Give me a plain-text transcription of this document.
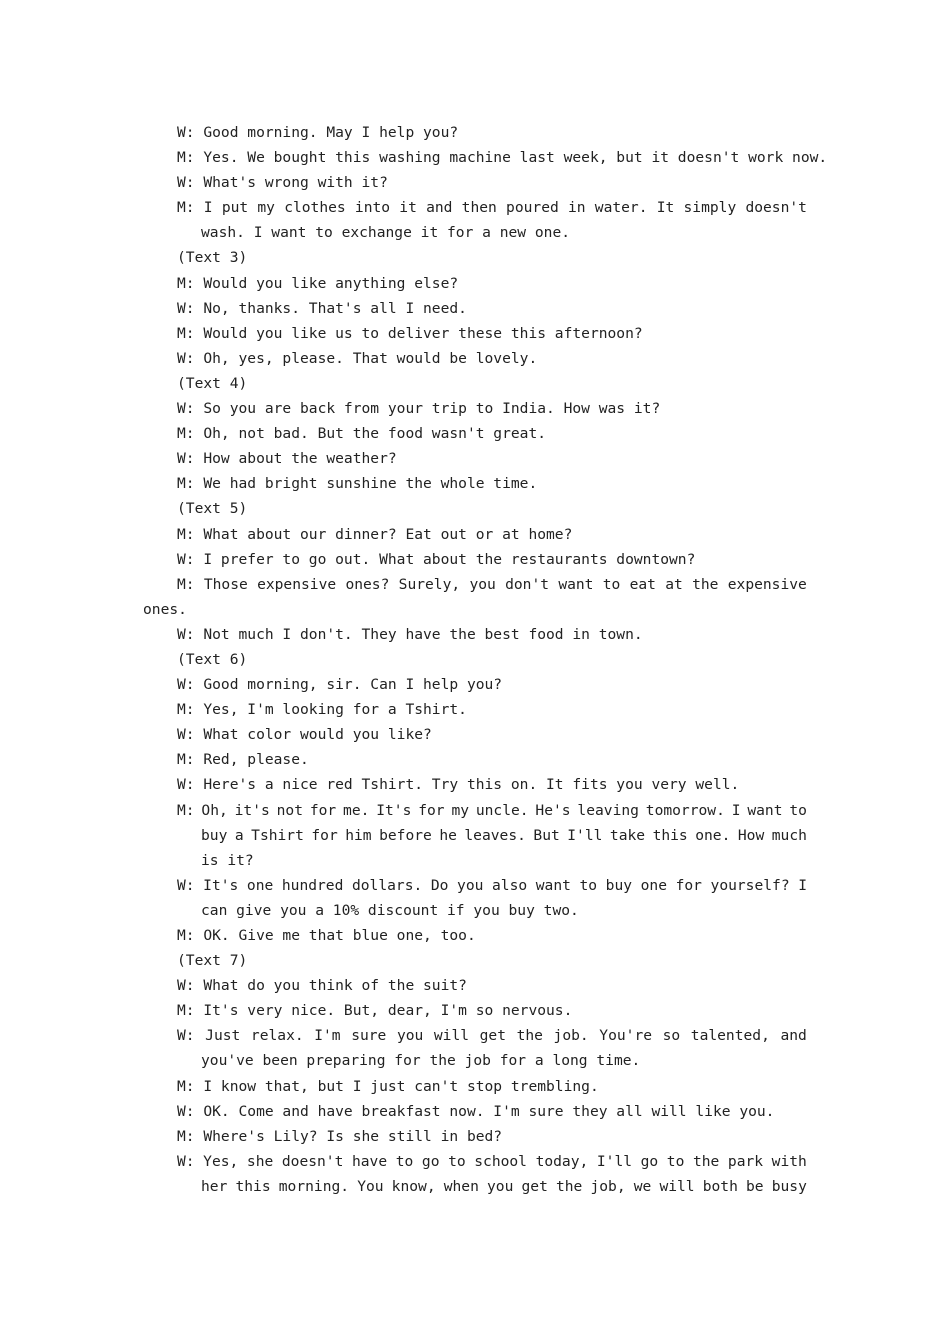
W: Good morning. May I help you?
M: Yes. We bought this washing machine last week, but it doesn't work now.
W: What's wrong with it?
M: I put my clothes into it and then poured in water. It simply doesn't
wash. I want to exchange it for a new one.
(Text 3)
M: Would you like anything else?
W: No, thanks. That's all I need.
M: Would you like us to deliver these this afternoon?
W: Oh, yes, please. That would be lovely.
(Text 4)
W: So you are back from your trip to India. How was it?
M: Oh, not bad. But the food wasn't great.
W: How about the weather?
M: We had bright sunshine the whole time.
(Text 5)
M: What about our dinner? Eat out or at home?
W: I prefer to go out. What about the restaurants downtown?
M: Those expensive ones? Surely, you don't want to eat at the expensive
ones.
W: Not much I don't. They have the best food in town.
(Text 6)
W: Good morning, sir. Can I help you?
M: Yes, I'm looking for a Tshirt.
W: What color would you like?
M: Red, please.
W: Here's a nice red Tshirt. Try this on. It fits you very well.
M: Oh, it's not for me. It's for my uncle. He's leaving tomorrow. I want to
buy a Tshirt for him before he leaves. But I'll take this one. How much
is it?
W: It's one hundred dollars. Do you also want to buy one for yourself? I
can give you a 10% discount if you buy two.
M: OK. Give me that blue one, too.
(Text 7)
W: What do you think of the suit?
M: It's very nice. But, dear, I'm so nervous.
W: Just relax. I'm sure you will get the job. You're so talented, and
you've been preparing for the job for a long time.
M: I know that, but I just can't stop trembling.
W: OK. Come and have breakfast now. I'm sure they all will like you.
M: Where's Lily? Is she still in bed?
W: Yes, she doesn't have to go to school today, I'll go to the park with
her this morning. You know, when you get the job, we will both be busy
